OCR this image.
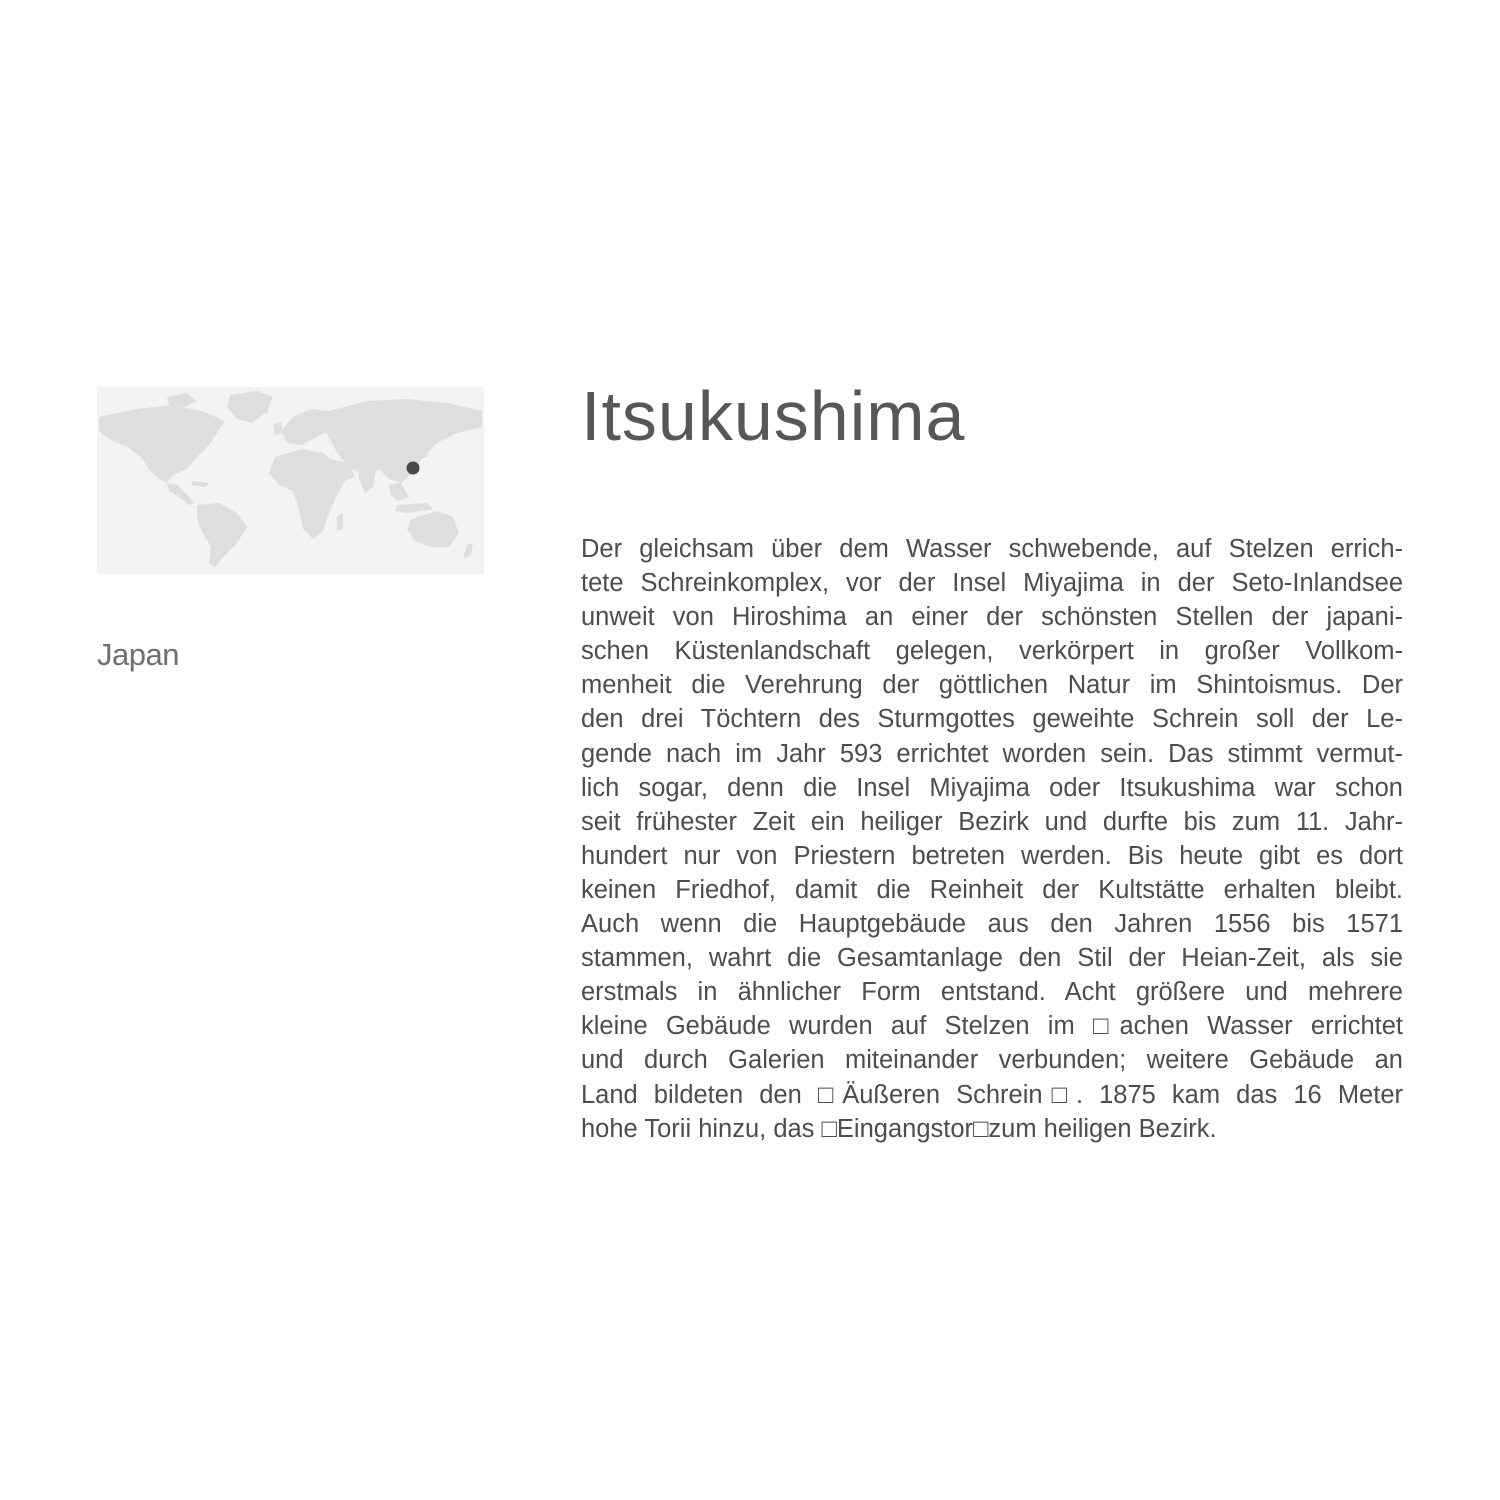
Japan
Itsukushima
Der gleichsam über dem Wasser schwebende, auf Stelzen errich-
tete Schreinkomplex, vor der Insel Miyajima in der Seto-Inlandsee
unweit von Hiroshima an einer der schönsten Stellen der japani-
schen Küstenlandschaft gelegen, verkörpert in großer Vollkom-
menheit die Verehrung der göttlichen Natur im Shintoismus. Der
den drei Töchtern des Sturmgottes geweihte Schrein soll der Le-
gende nach im Jahr 593 errichtet worden sein. Das stimmt vermut-
lich sogar, denn die Insel Miyajima oder Itsukushima war schon
seit frühester Zeit ein heiliger Bezirk und durfte bis zum 11. Jahr-
hundert nur von Priestern betreten werden. Bis heute gibt es dort
keinen Friedhof, damit die Reinheit der Kultstätte erhalten bleibt.
Auch wenn die Hauptgebäude aus den Jahren 1556 bis 1571
stammen, wahrt die Gesamtanlage den Stil der Heian-Zeit, als sie
erstmals in ähnlicher Form entstand. Acht größere und mehrere
kleine Gebäude wurden auf Stelzen im □achen Wasser errichtet
und durch Galerien miteinander verbunden; weitere Gebäude an
Land bildeten den □Äußeren Schrein□. 1875 kam das 16 Meter
hohe Torii hinzu, das □Eingangstor□zum heiligen Bezirk.
